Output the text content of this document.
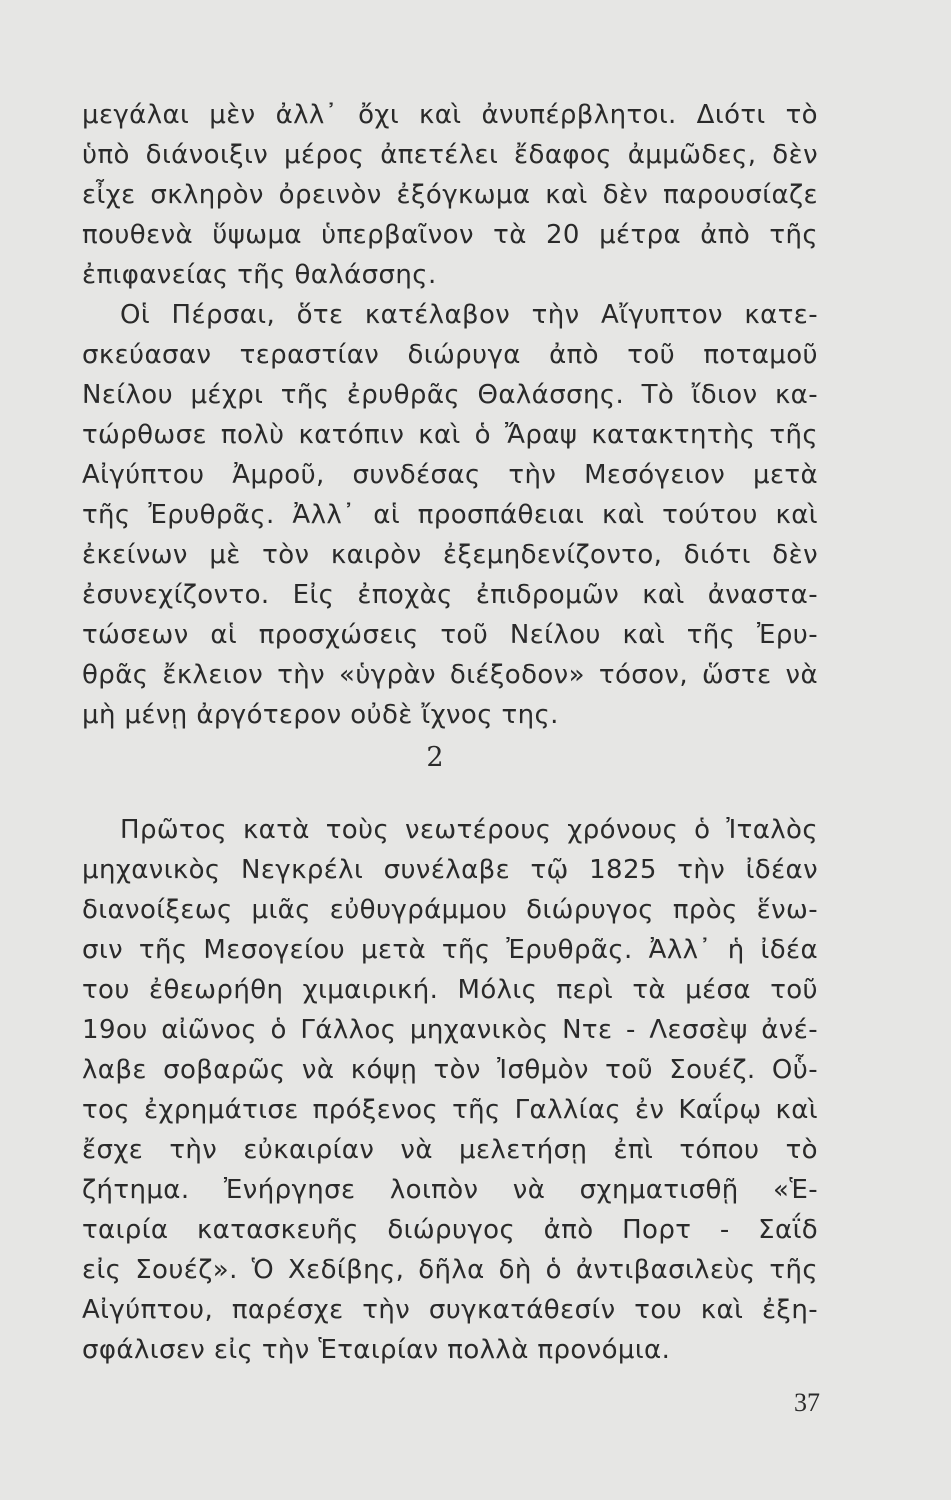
μεγάλαι μὲν ἀλλ᾽ ὄχι καὶ ἀνυπέρβλητοι. Διότι τὸ
ὑπὸ διάνοιξιν μέρος ἀπετέλει ἔδαφος ἀμμῶδες, δὲν
εἶχε σκληρὸν ὀρεινὸν ἐξόγκωμα καὶ δὲν παρουσίαζε
πουθενὰ ὕψωμα ὑπερβαῖνον τὰ 20 μέτρα ἀπὸ τῆς
ἐπιφανείας τῆς θαλάσσης.
Οἱ Πέρσαι, ὅτε κατέλαβον τὴν Αἴγυπτον κατε-
σκεύασαν τεραστίαν διώρυγα ἀπὸ τοῦ ποταμοῦ
Νείλου μέχρι τῆς ἐρυθρᾶς Θαλάσσης. Τὸ ἴδιον κα-
τώρθωσε πολὺ κατόπιν καὶ ὁ Ἄραψ κατακτητὴς τῆς
Αἰγύπτου Ἀμροῦ, συνδέσας τὴν Μεσόγειον μετὰ
τῆς Ἐρυθρᾶς. Ἀλλ᾽ αἱ προσπάθειαι καὶ τούτου καὶ
ἐκείνων μὲ τὸν καιρὸν ἐξεμηδενίζοντο, διότι δὲν
ἐσυνεχίζοντο. Εἰς ἐποχὰς ἐπιδρομῶν καὶ ἀναστα-
τώσεων αἱ προσχώσεις τοῦ Νείλου καὶ τῆς Ἐρυ-
θρᾶς ἔκλειον τὴν «ὑγρὰν διέξοδον» τόσον, ὥστε νὰ
μὴ μένῃ ἀργότερον οὐδὲ ἴχνος της.
2
Πρῶτος κατὰ τοὺς νεωτέρους χρόνους ὁ Ἰταλὸς
μηχανικὸς Νεγκρέλι συνέλαβε τῷ 1825 τὴν ἰδέαν
διανοίξεως μιᾶς εὐθυγράμμου διώρυγος πρὸς ἕνω-
σιν τῆς Μεσογείου μετὰ τῆς Ἐρυθρᾶς. Ἀλλ᾽ ἡ ἰδέα
του ἐθεωρήθη χιμαιρική. Μόλις περὶ τὰ μέσα τοῦ
19ου αἰῶνος ὁ Γάλλος μηχανικὸς Ντε - Λεσσὲψ ἀνέ-
λαβε σοβαρῶς νὰ κόψῃ τὸν Ἰσθμὸν τοῦ Σουέζ. Οὗ-
τος ἐχρημάτισε πρόξενος τῆς Γαλλίας ἐν Καΐρῳ καὶ
ἔσχε τὴν εὐκαιρίαν νὰ μελετήσῃ ἐπὶ τόπου τὸ
ζήτημα. Ἐνήργησε λοιπὸν νὰ σχηματισθῇ «Ἑ-
ταιρία κατασκευῆς διώρυγος ἀπὸ Πορτ - Σαΐδ
εἰς Σουέζ». Ὁ Χεδίβης, δῆλα δὴ ὁ ἀντιβασιλεὺς τῆς
Αἰγύπτου, παρέσχε τὴν συγκατάθεσίν του καὶ ἐξη-
σφάλισεν εἰς τὴν Ἑταιρίαν πολλὰ προνόμια.
37
